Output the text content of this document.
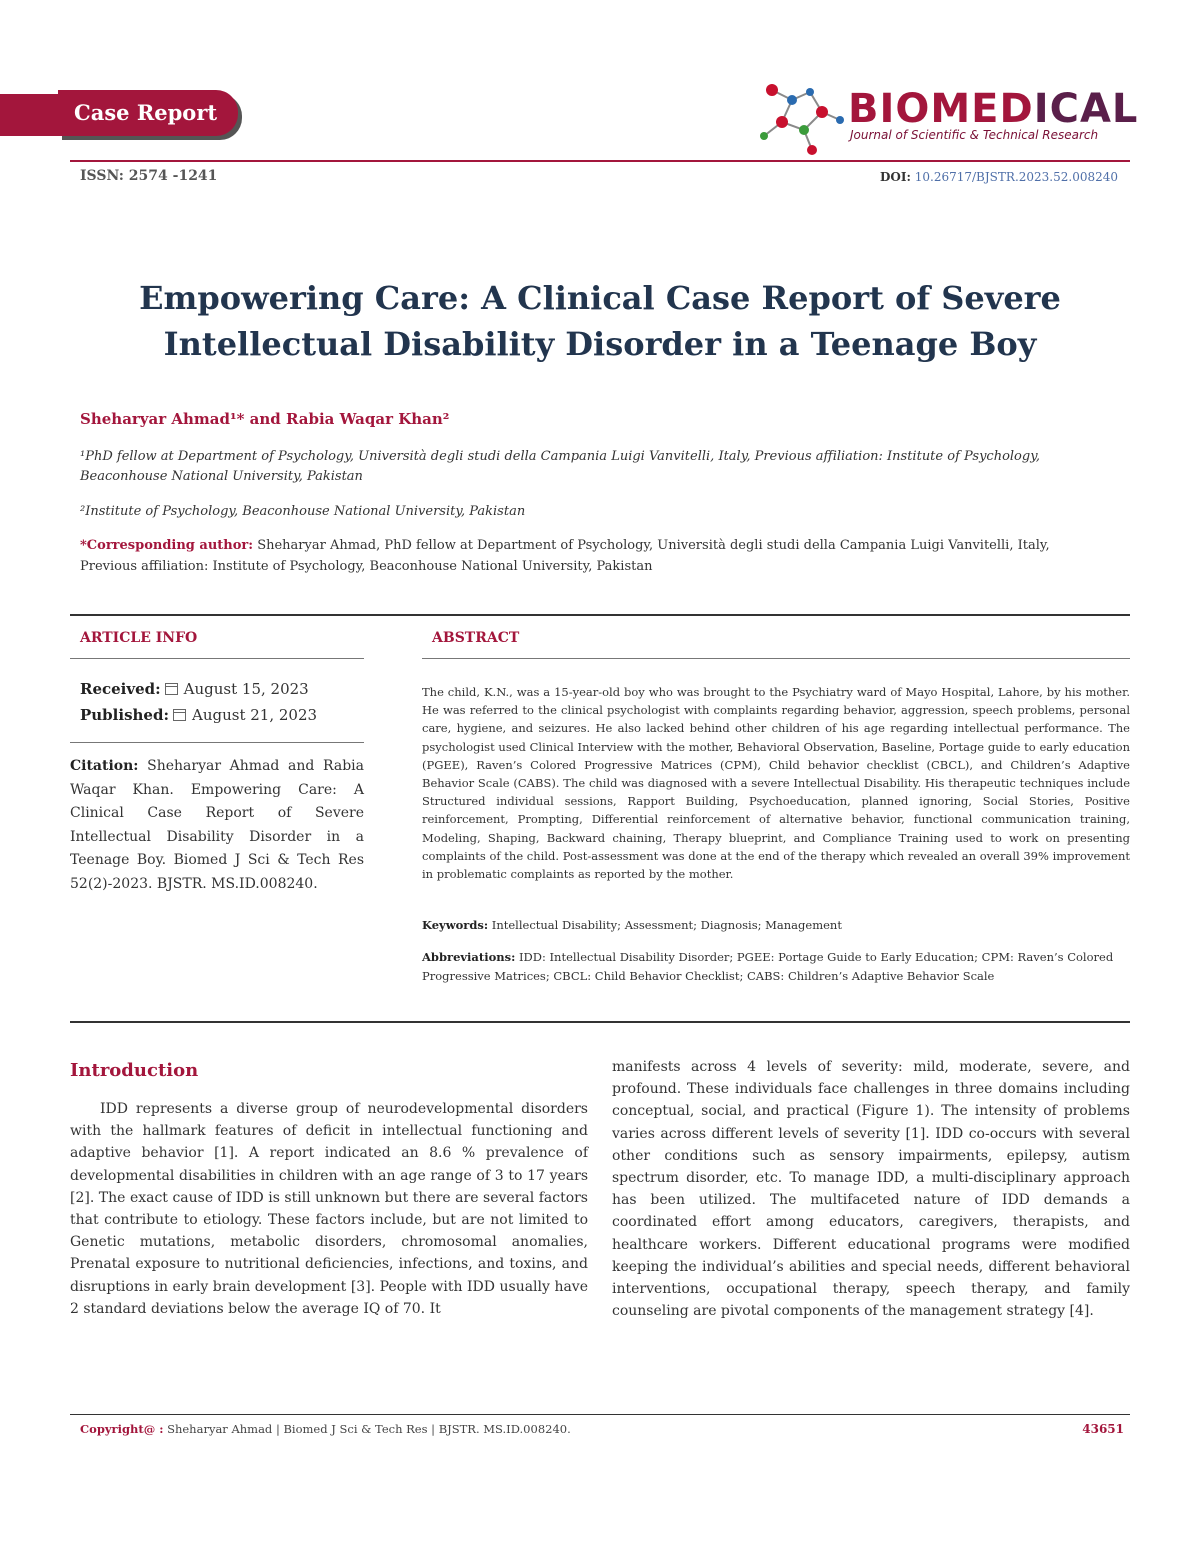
Case Report	BIOMEDICAL
Journal of Scientific & Technical Research
ISSN: 2574 -1241	DOI: 10.26717/BJSTR.2023.52.008240
Empowering Care: A Clinical Case Report of Severe
Intellectual Disability Disorder in a Teenage Boy
Sheharyar Ahmad¹* and Rabia Waqar Khan²
¹PhD fellow at Department of Psychology, Università degli studi della Campania Luigi Vanvitelli, Italy, Previous affiliation: Institute of Psychology, Beaconhouse National University, Pakistan
²Institute of Psychology, Beaconhouse National University, Pakistan
*Corresponding author: Sheharyar Ahmad, PhD fellow at Department of Psychology, Università degli studi della Campania Luigi Vanvitelli, Italy, Previous affiliation: Institute of Psychology, Beaconhouse National University, Pakistan
ARTICLE INFO	ABSTRACT
Received: August 15, 2023
Published: August 21, 2023
Citation: Sheharyar Ahmad and Rabia Waqar Khan. Empowering Care: A Clinical Case Report of Severe Intellectual Disability Disorder in a Teenage Boy. Biomed J Sci & Tech Res 52(2)-2023. BJSTR. MS.ID.008240.
The child, K.N., was a 15-year-old boy who was brought to the Psychiatry ward of Mayo Hospital, Lahore, by his mother. He was referred to the clinical psychologist with complaints regarding behavior, aggression, speech problems, personal care, hygiene, and seizures. He also lacked behind other children of his age regarding intellectual performance. The psychologist used Clinical Interview with the mother, Behavioral Observation, Baseline, Portage guide to early education (PGEE), Raven’s Colored Progressive Matrices (CPM), Child behavior checklist (CBCL), and Children’s Adaptive Behavior Scale (CABS). The child was diagnosed with a severe Intellectual Disability. His therapeutic techniques include Structured individual sessions, Rapport Building, Psychoeducation, planned ignoring, Social Stories, Positive reinforcement, Prompting, Differential reinforcement of alternative behavior, functional communication training, Modeling, Shaping, Backward chaining, Therapy blueprint, and Compliance Training used to work on presenting complaints of the child. Post-assessment was done at the end of the therapy which revealed an overall 39% improvement in problematic complaints as reported by the mother.
Keywords: Intellectual Disability; Assessment; Diagnosis; Management
Abbreviations: IDD: Intellectual Disability Disorder; PGEE: Portage Guide to Early Education; CPM: Raven’s Colored Progressive Matrices; CBCL: Child Behavior Checklist; CABS: Children’s Adaptive Behavior Scale
Introduction
IDD represents a diverse group of neurodevelopmental disorders with the hallmark features of deficit in intellectual functioning and adaptive behavior [1]. A report indicated an 8.6 % prevalence of developmental disabilities in children with an age range of 3 to 17 years [2]. The exact cause of IDD is still unknown but there are several factors that contribute to etiology. These factors include, but are not limited to Genetic mutations, metabolic disorders, chromosomal anomalies, Prenatal exposure to nutritional deficiencies, infections, and toxins, and disruptions in early brain development [3]. People with IDD usually have 2 standard deviations below the average IQ of 70. It
manifests across 4 levels of severity: mild, moderate, severe, and profound. These individuals face challenges in three domains including conceptual, social, and practical (Figure 1). The intensity of problems varies across different levels of severity [1]. IDD co-occurs with several other conditions such as sensory impairments, epilepsy, autism spectrum disorder, etc. To manage IDD, a multi-disciplinary approach has been utilized. The multifaceted nature of IDD demands a coordinated effort among educators, caregivers, therapists, and healthcare workers. Different educational programs were modified keeping the individual’s abilities and special needs, different behavioral interventions, occupational therapy, speech therapy, and family counseling are pivotal components of the management strategy [4].
Copyright@ : Sheharyar Ahmad | Biomed J Sci & Tech Res | BJSTR. MS.ID.008240.	43651
